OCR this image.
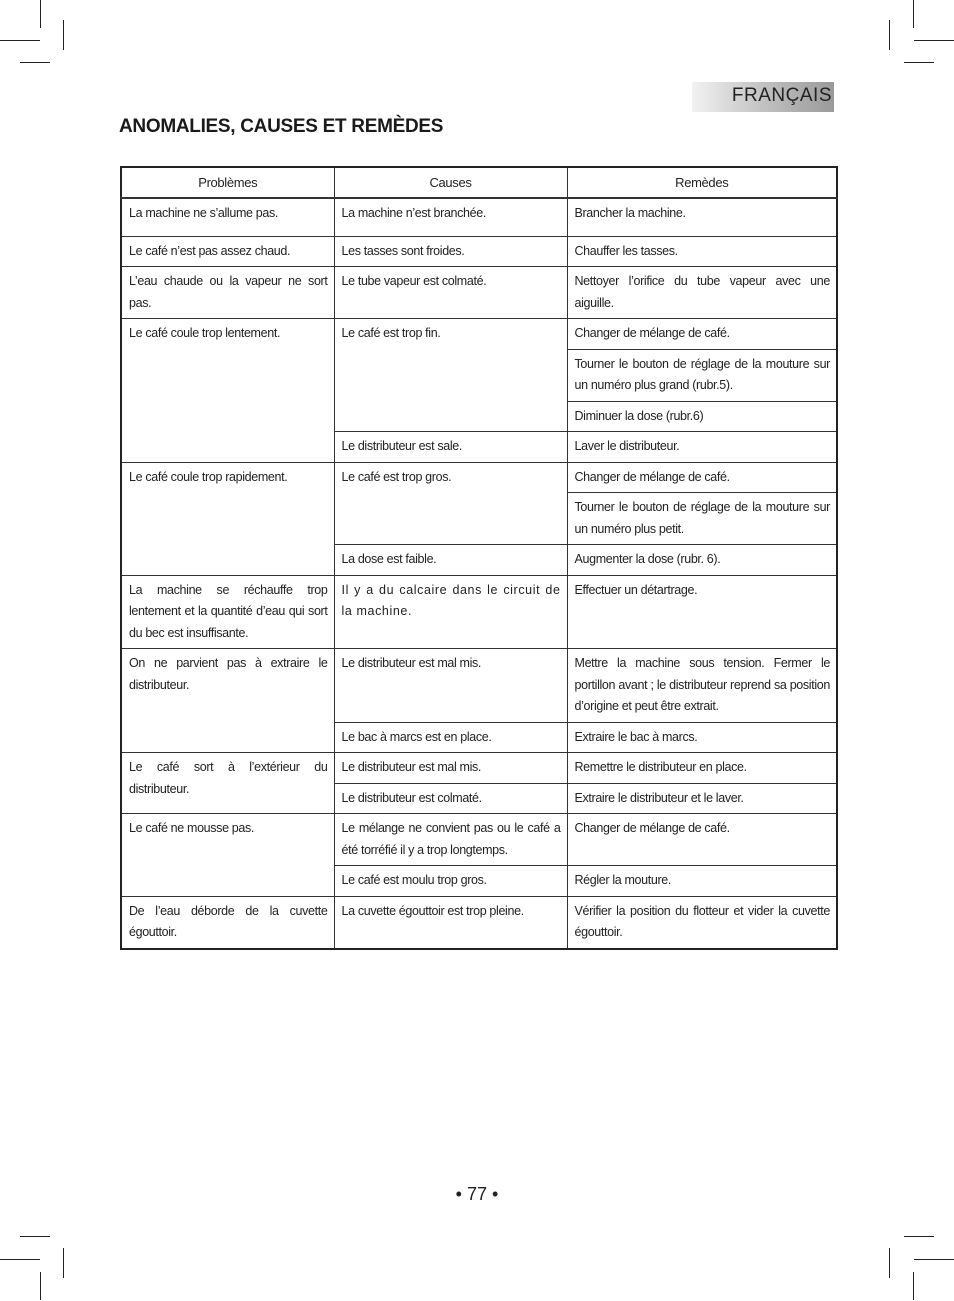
FRANÇAIS
ANOMALIES, CAUSES ET REMÈDES
Problèmes	Causes	Remèdes
La machine ne s’allume pas.	La machine n’est branchée.	Brancher la machine.
Le café n’est pas assez chaud.	Les tasses sont froides.	Chauffer les tasses.
L’eau chaude ou la vapeur ne sort pas.	Le tube vapeur est colmaté.	Nettoyer l’orifice du tube vapeur avec une aiguille.
Le café coule trop lentement.	Le café est trop fin.	Changer de mélange de café.
		Tourner le bouton de réglage de la mouture sur un numéro plus grand (rubr.5).
		Diminuer la dose (rubr.6)
	Le distributeur est sale.	Laver le distributeur.
Le café coule trop rapidement.	Le café est trop gros.	Changer de mélange de café.
		Tourner le bouton de réglage de la mouture sur un numéro plus petit.
	La dose est faible.	Augmenter la dose (rubr. 6).
La machine se réchauffe trop lentement et la quantité d’eau qui sort du bec est insuffisante.	Il y a du calcaire dans le circuit de la machine.	Effectuer un détartrage.
On ne parvient pas à extraire le distributeur.	Le distributeur est mal mis.	Mettre la machine sous tension. Fermer le portillon avant ; le distributeur reprend sa position d’origine et peut être extrait.
	Le bac à marcs est en place.	Extraire le bac à marcs.
Le café sort à l’extérieur du distributeur.	Le distributeur est mal mis.	Remettre le distributeur en place.
	Le distributeur est colmaté.	Extraire le distributeur et le laver.
Le café ne mousse pas.	Le mélange ne convient pas ou le café a été torréfié il y a trop longtemps.	Changer de mélange de café.
	Le café est moulu trop gros.	Régler la mouture.
De l’eau déborde de la cuvette égouttoir.	La cuvette égouttoir est trop pleine.	Vérifier la position du flotteur et vider la cuvette égouttoir.
• 77 •
